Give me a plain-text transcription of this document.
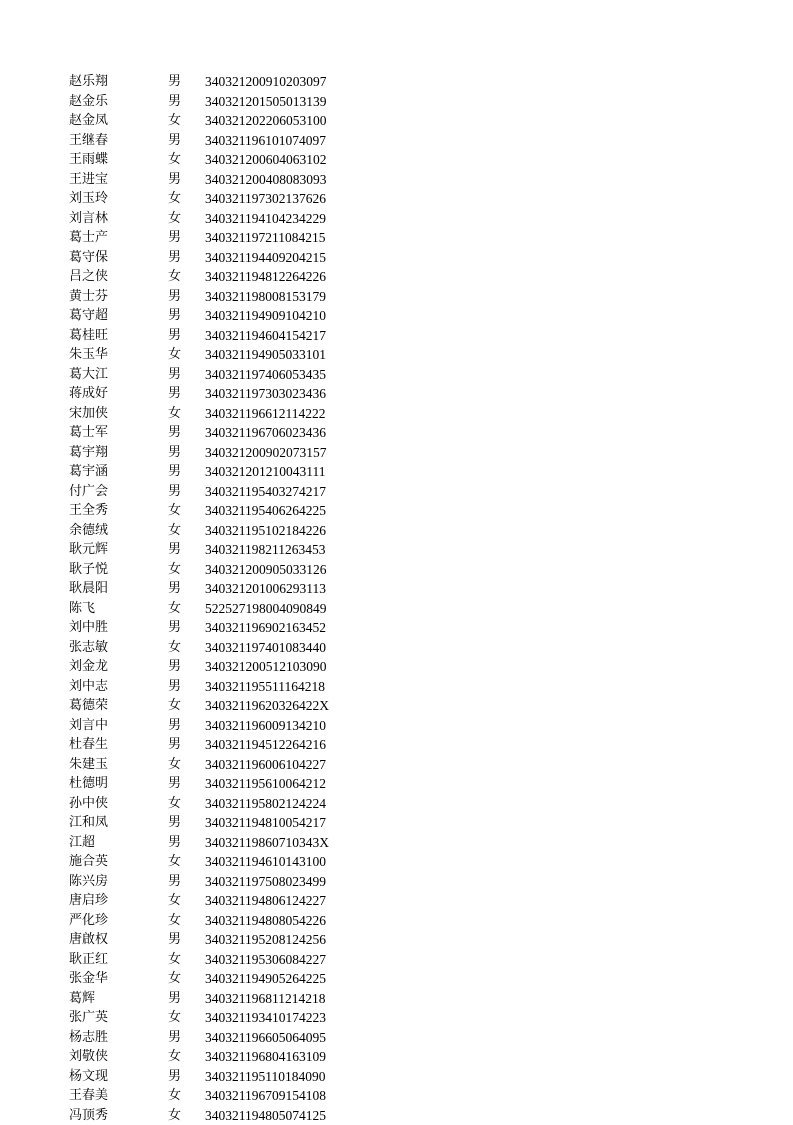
赵乐翔	男 340321200910203097
赵金乐	男 340321201505013139
赵金凤	女 340321202206053100
王继春	男 340321196101074097
王雨蝶	女 340321200604063102
王进宝	男 340321200408083093
刘玉玲	女 340321197302137626
刘言林	女 340321194104234229
葛士产	男 340321197211084215
葛守保	男 340321194409204215
吕之侠	女 340321194812264226
黄士芬	男 340321198008153179
葛守超	男 340321194909104210
葛桂旺	男 340321194604154217
朱玉华	女 340321194905033101
葛大江	男 340321197406053435
蒋成好	男 340321197303023436
宋加侠	女 340321196612114222
葛士军	男 340321196706023436
葛宇翔	男 340321200902073157
葛宇涵	男 340321201210043111
付广会	男 340321195403274217
王全秀	女 340321195406264225
余德绒	女 340321195102184226
耿元辉	男 340321198211263453
耿子悦	女 340321200905033126
耿晨阳	男 340321201006293113
陈飞	女 522527198004090849
刘中胜	男 340321196902163452
张志敏	女 340321197401083440
刘金龙	男 340321200512103090
刘中志	男 340321195511164218
葛德荣	女 34032119620326422X
刘言中	男 340321196009134210
杜春生	男 340321194512264216
朱建玉	女 340321196006104227
杜德明	男 340321195610064212
孙中侠	女 340321195802124224
江和凤	男 340321194810054217
江超	男 34032119860710343X
施合英	女 340321194610143100
陈兴房	男 340321197508023499
唐启珍	女 340321194806124227
严化珍	女 340321194808054226
唐啟权	男 340321195208124256
耿正红	女 340321195306084227
张金华	女 340321194905264225
葛辉	男 340321196811214218
张广英	女 340321193410174223
杨志胜	男 340321196605064095
刘敬侠	女 340321196804163109
杨文现	男 340321195110184090
王春美	女 340321196709154108
冯顶秀	女 340321194805074125
